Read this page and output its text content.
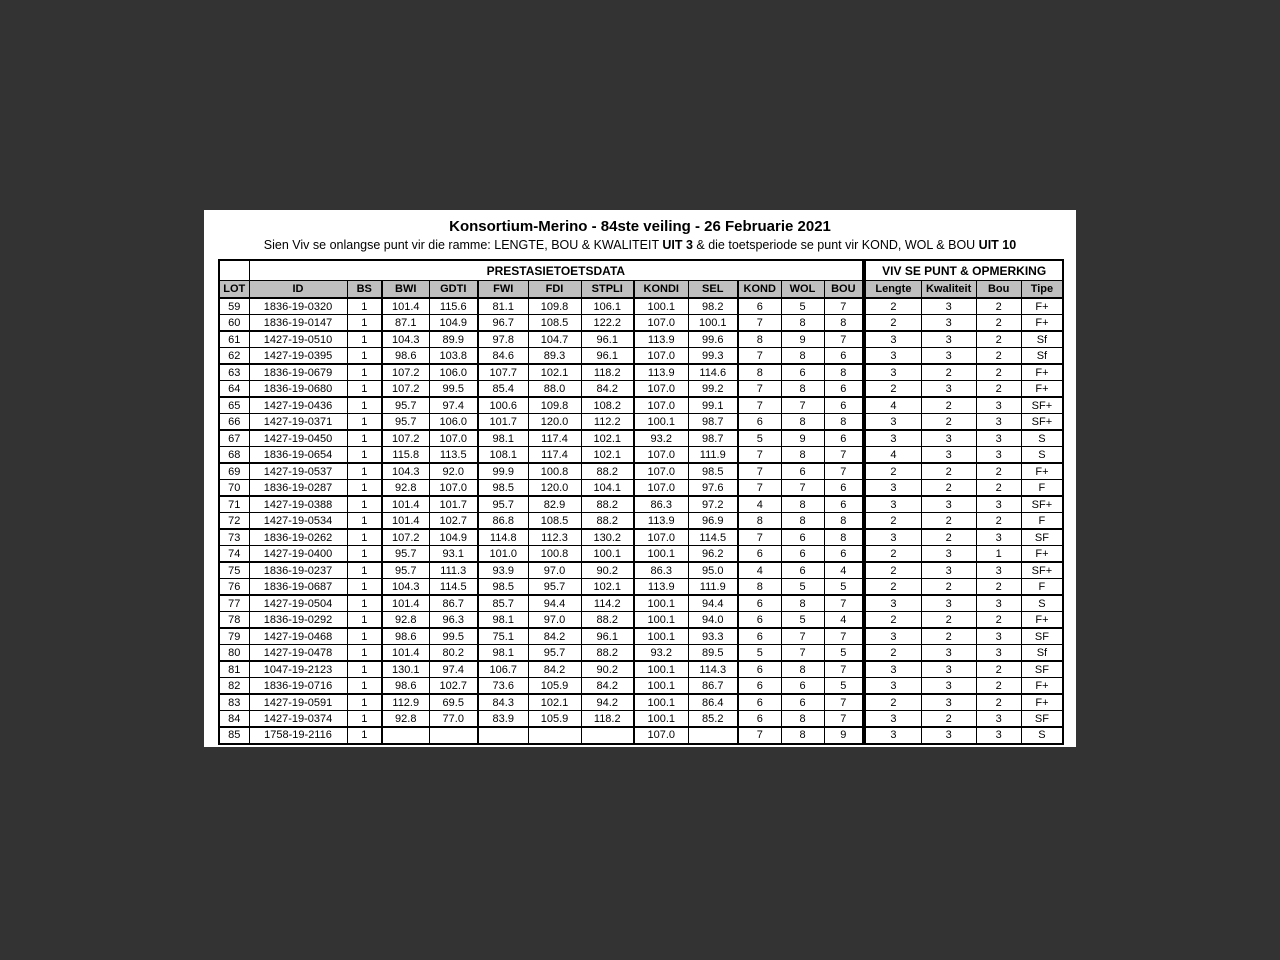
Konsortium-Merino - 84ste veiling - 26 Februarie 2021
Sien Viv se onlangse punt vir die ramme: LENGTE, BOU & KWALITEIT UIT 3 & die toetsperiode se punt vir KOND, WOL & BOU UIT 10
	PRESTASIETOETSDATA												VIV SE PUNT & OPMERKING			
LOT	ID	BS	BWI	GDTI	FWI	FDI	STPLI	KONDI	SEL	KOND	WOL	BOU	Lengte	Kwaliteit	Bou	Tipe
59	1836-19-0320	1	101.4	115.6	81.1	109.8	106.1	100.1	98.2	6	5	7	2	3	2	F+
60	1836-19-0147	1	87.1	104.9	96.7	108.5	122.2	107.0	100.1	7	8	8	2	3	2	F+
61	1427-19-0510	1	104.3	89.9	97.8	104.7	96.1	113.9	99.6	8	9	7	3	3	2	Sf
62	1427-19-0395	1	98.6	103.8	84.6	89.3	96.1	107.0	99.3	7	8	6	3	3	2	Sf
63	1836-19-0679	1	107.2	106.0	107.7	102.1	118.2	113.9	114.6	8	6	8	3	2	2	F+
64	1836-19-0680	1	107.2	99.5	85.4	88.0	84.2	107.0	99.2	7	8	6	2	3	2	F+
65	1427-19-0436	1	95.7	97.4	100.6	109.8	108.2	107.0	99.1	7	7	6	4	2	3	SF+
66	1427-19-0371	1	95.7	106.0	101.7	120.0	112.2	100.1	98.7	6	8	8	3	2	3	SF+
67	1427-19-0450	1	107.2	107.0	98.1	117.4	102.1	93.2	98.7	5	9	6	3	3	3	S
68	1836-19-0654	1	115.8	113.5	108.1	117.4	102.1	107.0	111.9	7	8	7	4	3	3	S
69	1427-19-0537	1	104.3	92.0	99.9	100.8	88.2	107.0	98.5	7	6	7	2	2	2	F+
70	1836-19-0287	1	92.8	107.0	98.5	120.0	104.1	107.0	97.6	7	7	6	3	2	2	F
71	1427-19-0388	1	101.4	101.7	95.7	82.9	88.2	86.3	97.2	4	8	6	3	3	3	SF+
72	1427-19-0534	1	101.4	102.7	86.8	108.5	88.2	113.9	96.9	8	8	8	2	2	2	F
73	1836-19-0262	1	107.2	104.9	114.8	112.3	130.2	107.0	114.5	7	6	8	3	2	3	SF
74	1427-19-0400	1	95.7	93.1	101.0	100.8	100.1	100.1	96.2	6	6	6	2	3	1	F+
75	1836-19-0237	1	95.7	111.3	93.9	97.0	90.2	86.3	95.0	4	6	4	2	3	3	SF+
76	1836-19-0687	1	104.3	114.5	98.5	95.7	102.1	113.9	111.9	8	5	5	2	2	2	F
77	1427-19-0504	1	101.4	86.7	85.7	94.4	114.2	100.1	94.4	6	8	7	3	3	3	S
78	1836-19-0292	1	92.8	96.3	98.1	97.0	88.2	100.1	94.0	6	5	4	2	2	2	F+
79	1427-19-0468	1	98.6	99.5	75.1	84.2	96.1	100.1	93.3	6	7	7	3	2	3	SF
80	1427-19-0478	1	101.4	80.2	98.1	95.7	88.2	93.2	89.5	5	7	5	2	3	3	Sf
81	1047-19-2123	1	130.1	97.4	106.7	84.2	90.2	100.1	114.3	6	8	7	3	3	2	SF
82	1836-19-0716	1	98.6	102.7	73.6	105.9	84.2	100.1	86.7	6	6	5	3	3	2	F+
83	1427-19-0591	1	112.9	69.5	84.3	102.1	94.2	100.1	86.4	6	6	7	2	3	2	F+
84	1427-19-0374	1	92.8	77.0	83.9	105.9	118.2	100.1	85.2	6	8	7	3	2	3	SF
85	1758-19-2116	1						107.0		7	8	9	3	3	3	S
